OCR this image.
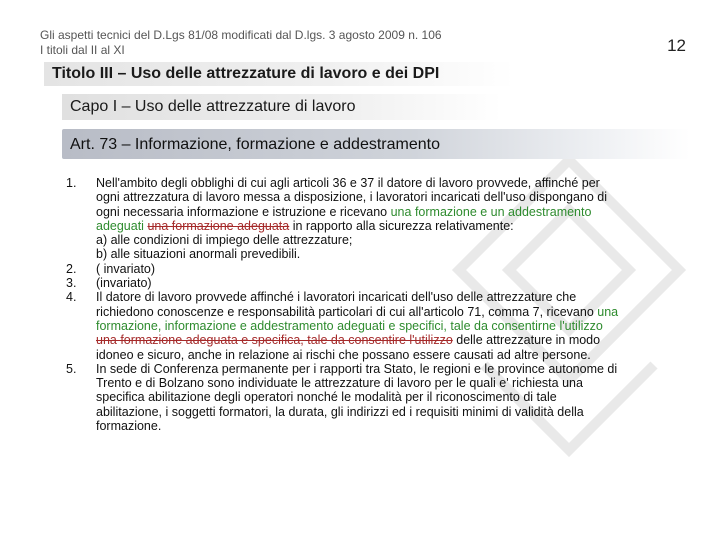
Gli aspetti tecnici del D.Lgs 81/08 modificati dal D.lgs. 3 agosto 2009 n. 106
I titoli dal II al XI	12
Titolo III – Uso delle attrezzature di lavoro e dei DPI
Capo I – Uso delle attrezzature di lavoro
Art. 73 – Informazione, formazione e addestramento
1. Nell'ambito degli obblighi di cui agli articoli 36 e 37 il datore di lavoro provvede, affinché per ogni attrezzatura di lavoro messa a disposizione, i lavoratori incaricati dell'uso dispongano di ogni necessaria informazione e istruzione e ricevano una formazione e un addestramento adeguati una formazione adeguata in rapporto alla sicurezza relativamente:
a) alle condizioni di impiego delle attrezzature;
b) alle situazioni anormali prevedibili.
2. ( invariato)
3. (invariato)
4. Il datore di lavoro provvede affinché i lavoratori incaricati dell'uso delle attrezzature che richiedono conoscenze e responsabilità particolari di cui all'articolo 71, comma 7, ricevano una formazione, informazione e addestramento adeguati e specifici, tale da consentirne l'utilizzo una formazione adeguata e specifica, tale da consentire l'utilizzo delle attrezzature in modo idoneo e sicuro, anche in relazione ai rischi che possano essere causati ad altre persone.
5. In sede di Conferenza permanente per i rapporti tra Stato, le regioni e le province autonome di Trento e di Bolzano sono individuate le attrezzature di lavoro per le quali e' richiesta una specifica abilitazione degli operatori nonché le modalità per il riconoscimento di tale abilitazione, i soggetti formatori, la durata, gli indirizzi ed i requisiti minimi di validità della formazione.
